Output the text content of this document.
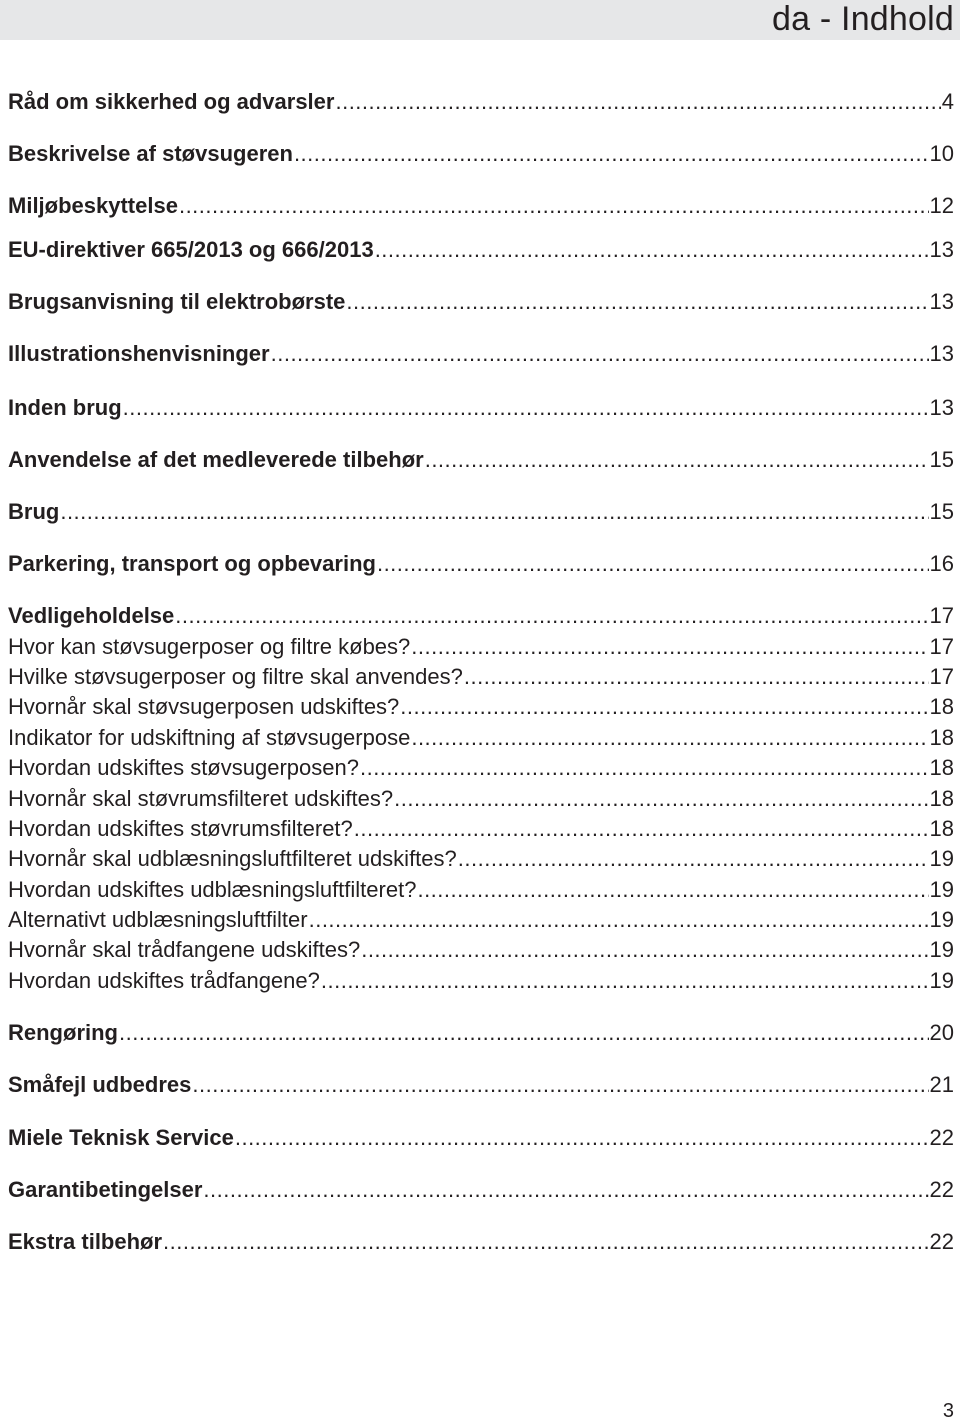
da - Indhold
Råd om sikkerhed og advarsler .....	4
Beskrivelse af støvsugeren .....	10
Miljøbeskyttelse .....	12
EU-direktiver 665/2013 og 666/2013 .....	13
Brugsanvisning til elektrobørste .....	13
Illustrationshenvisninger .....	13
Inden brug .....	13
Anvendelse af det medleverede tilbehør .....	15
Brug .....	15
Parkering, transport og opbevaring .....	16
Vedligeholdelse .....	17
Hvor kan støvsugerposer og filtre købes? .....	17
Hvilke støvsugerposer og filtre skal anvendes? .....	17
Hvornår skal støvsugerposen udskiftes? .....	18
Indikator for udskiftning af støvsugerpose .....	18
Hvordan udskiftes støvsugerposen? .....	18
Hvornår skal støvrumsfilteret udskiftes? .....	18
Hvordan udskiftes støvrumsfilteret? .....	18
Hvornår skal udblæsningsluftfilteret udskiftes? .....	19
Hvordan udskiftes udblæsningsluftfilteret? .....	19
Alternativt udblæsningsluftfilter .....	19
Hvornår skal trådfangene udskiftes? .....	19
Hvordan udskiftes trådfangene? .....	19
Rengøring .....	20
Småfejl udbedres .....	21
Miele Teknisk Service .....	22
Garantibetingelser .....	22
Ekstra tilbehør .....	22
3
